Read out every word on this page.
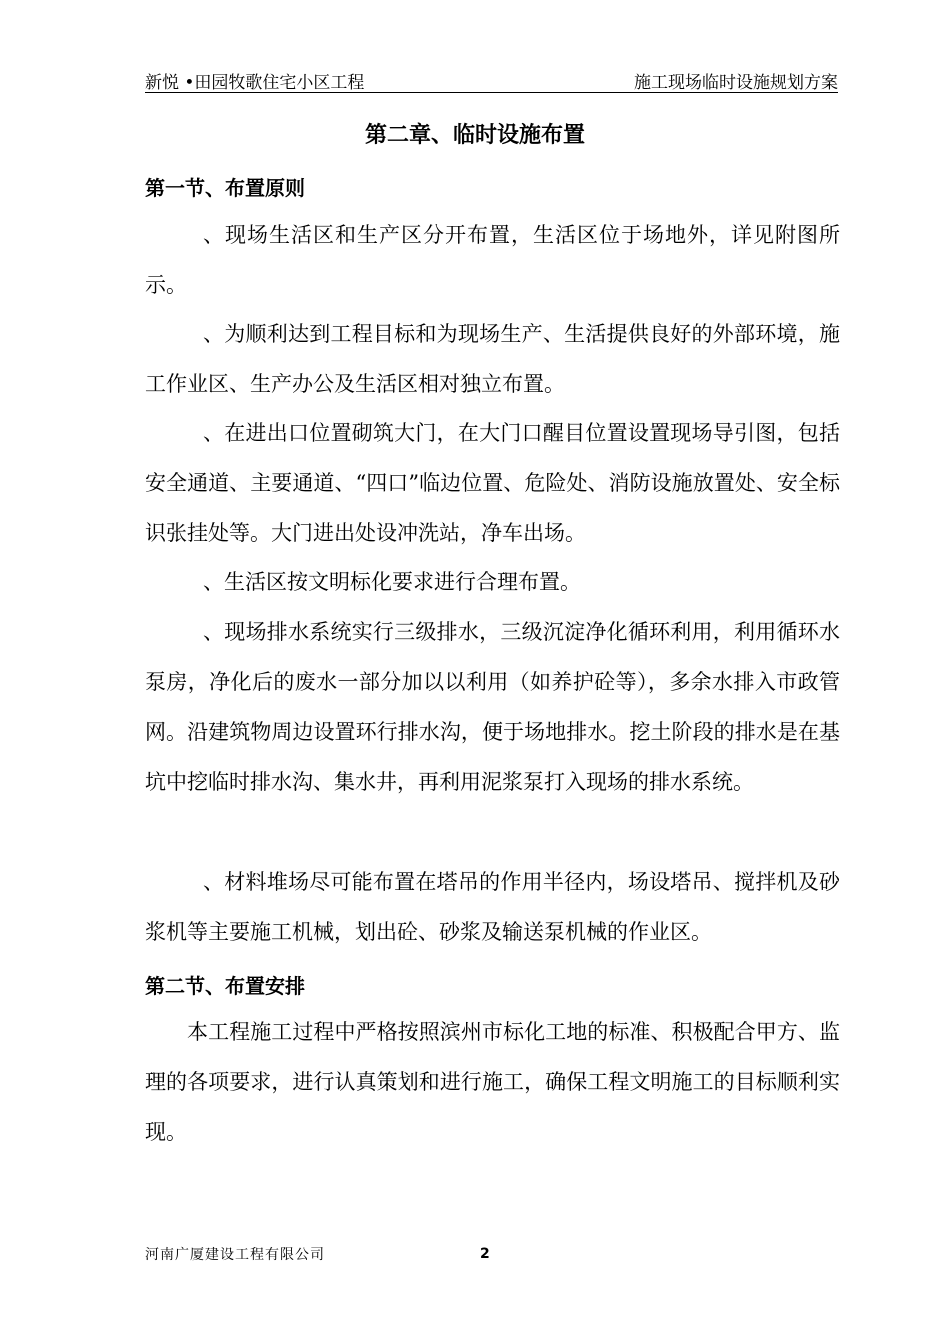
新悦 •田园牧歌住宅小区工程	施工现场临时设施规划方案
第二章、临时设施布置
第一节、布置原则

、现场生活区和生产区分开布置，生活区位于场地外，详见附图所示。

、为顺利达到工程目标和为现场生产、生活提供良好的外部环境，施工作业区、生产办公及生活区相对独立布置。

、在进出口位置砌筑大门，在大门口醒目位置设置现场导引图，包括安全通道、主要通道、“四口”临边位置、危险处、消防设施放置处、安全标识张挂处等。大门进出处设冲洗站，净车出场。

、生活区按文明标化要求进行合理布置。

、现场排水系统实行三级排水，三级沉淀净化循环利用，利用循环水泵房，净化后的废水一部分加以以利用（如养护砼等），多余水排入市政管网。沿建筑物周边设置环行排水沟，便于场地排水。挖土阶段的排水是在基坑中挖临时排水沟、集水井，再利用泥浆泵打入现场的排水系统。

、材料堆场尽可能布置在塔吊的作用半径内，场设塔吊、搅拌机及砂浆机等主要施工机械，划出砼、砂浆及输送泵机械的作业区。

第二节、布置安排

本工程施工过程中严格按照滨州市标化工地的标准、积极配合甲方、监理的各项要求，进行认真策划和进行施工，确保工程文明施工的目标顺利实现。

河南广厦建设工程有限公司	2
